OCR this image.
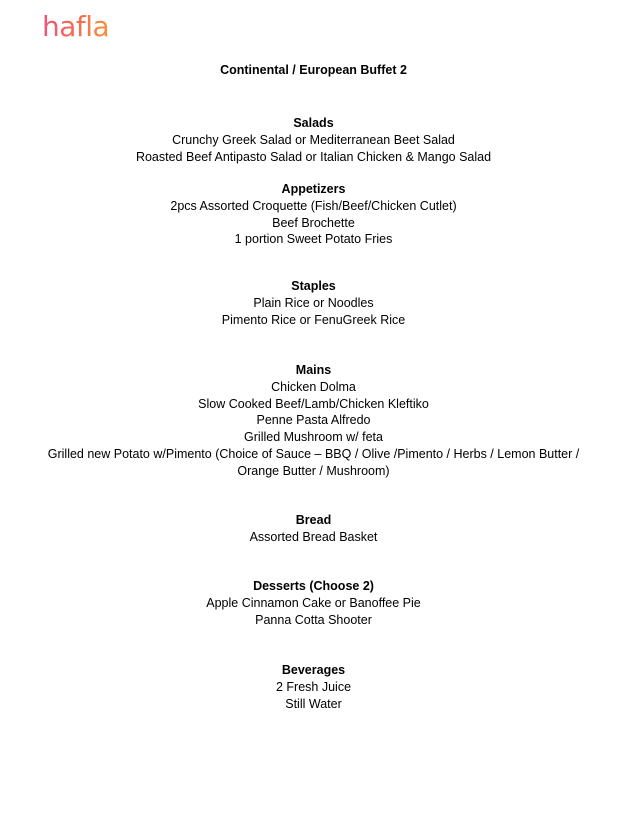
hafla
Continental / European Buffet 2
Salads
Crunchy Greek Salad or Mediterranean Beet Salad
Roasted Beef Antipasto Salad or Italian Chicken & Mango Salad
Appetizers
2pcs Assorted Croquette (Fish/Beef/Chicken Cutlet)
Beef Brochette
1 portion Sweet Potato Fries
Staples
Plain Rice or Noodles
Pimento Rice or FenuGreek Rice
Mains
Chicken Dolma
Slow Cooked Beef/Lamb/Chicken Kleftiko
Penne Pasta Alfredo
Grilled Mushroom w/ feta
Grilled new Potato w/Pimento (Choice of Sauce – BBQ / Olive /Pimento / Herbs / Lemon Butter / Orange Butter / Mushroom)
Bread
Assorted Bread Basket
Desserts (Choose 2)
Apple Cinnamon Cake or Banoffee Pie
Panna Cotta Shooter
Beverages
2 Fresh Juice
Still Water
